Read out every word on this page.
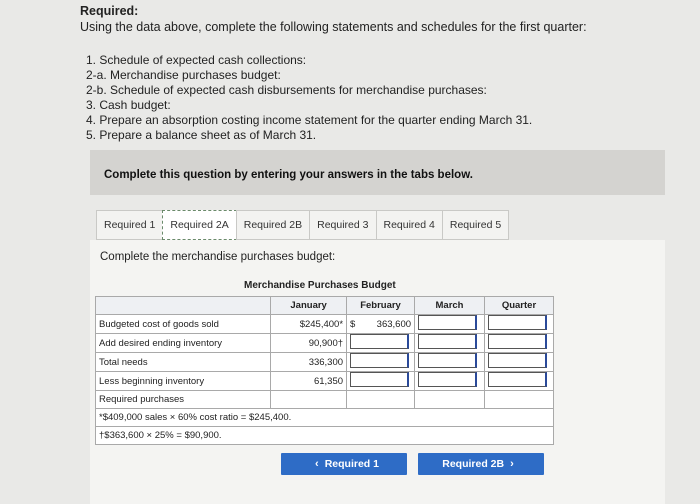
Required:
Using the data above, complete the following statements and schedules for the first quarter:
1. Schedule of expected cash collections:
2-a. Merchandise purchases budget:
2-b. Schedule of expected cash disbursements for merchandise purchases:
3. Cash budget:
4. Prepare an absorption costing income statement for the quarter ending March 31.
5. Prepare a balance sheet as of March 31.
Complete this question by entering your answers in the tabs below.
Required 1	Required 2A	Required 2B	Required 3	Required 4	Required 5
Complete the merchandise purchases budget:
Merchandise Purchases Budget
	January	February	March	Quarter
Budgeted cost of goods sold	$245,400*	$ 363,600		
Add desired ending inventory	90,900†			
Total needs	336,300			
Less beginning inventory	61,350			
Required purchases				
*$409,000 sales × 60% cost ratio = $245,400.				
†$363,600 × 25% = $90,900.				
‹ Required 1	Required 2B ›
